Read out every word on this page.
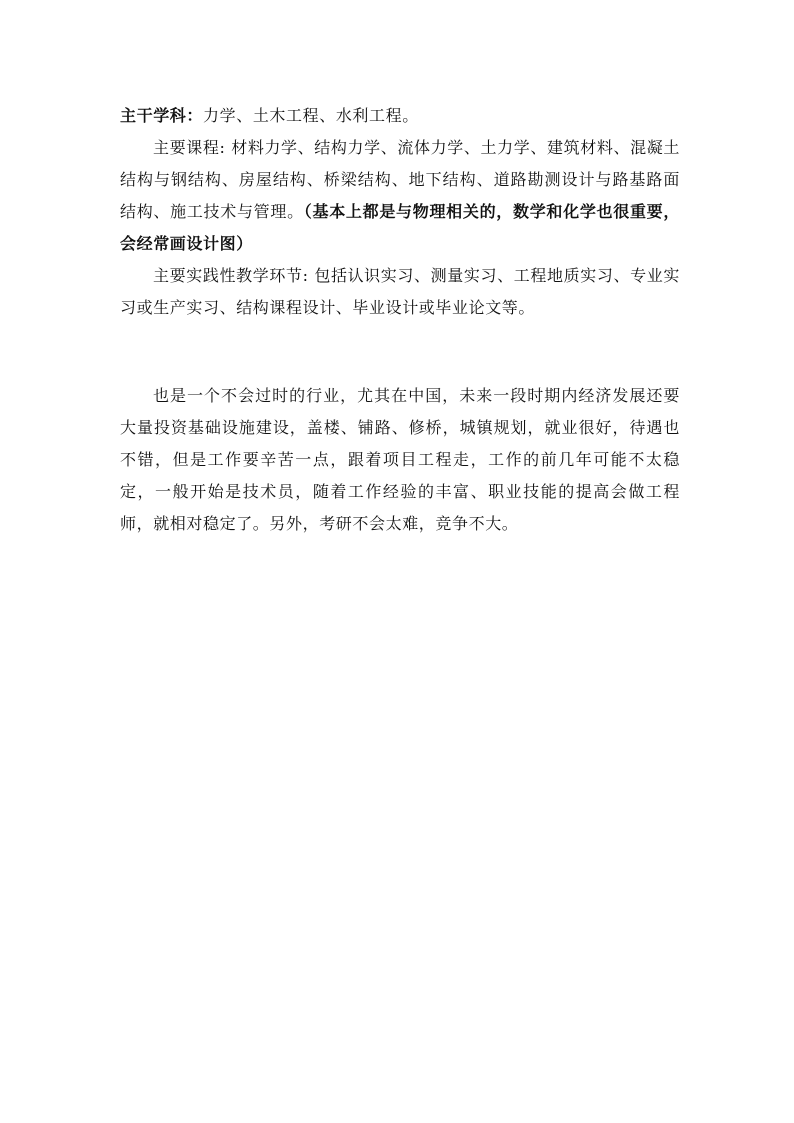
主干学科：力学、土木工程、水利工程。

主要课程: 材料力学、结构力学、流体力学、土力学、建筑材料、混凝土结构与钢结构、房屋结构、桥梁结构、地下结构、道路勘测设计与路基路面结构、施工技术与管理。（基本上都是与物理相关的，数学和化学也很重要，会经常画设计图）

主要实践性教学环节: 包括认识实习、测量实习、工程地质实习、专业实习或生产实习、结构课程设计、毕业设计或毕业论文等。

也是一个不会过时的行业，尤其在中国，未来一段时期内经济发展还要大量投资基础设施建设，盖楼、铺路、修桥，城镇规划，就业很好，待遇也不错，但是工作要辛苦一点，跟着项目工程走，工作的前几年可能不太稳定，一般开始是技术员，随着工作经验的丰富、职业技能的提高会做工程师，就相对稳定了。另外，考研不会太难，竞争不大。
